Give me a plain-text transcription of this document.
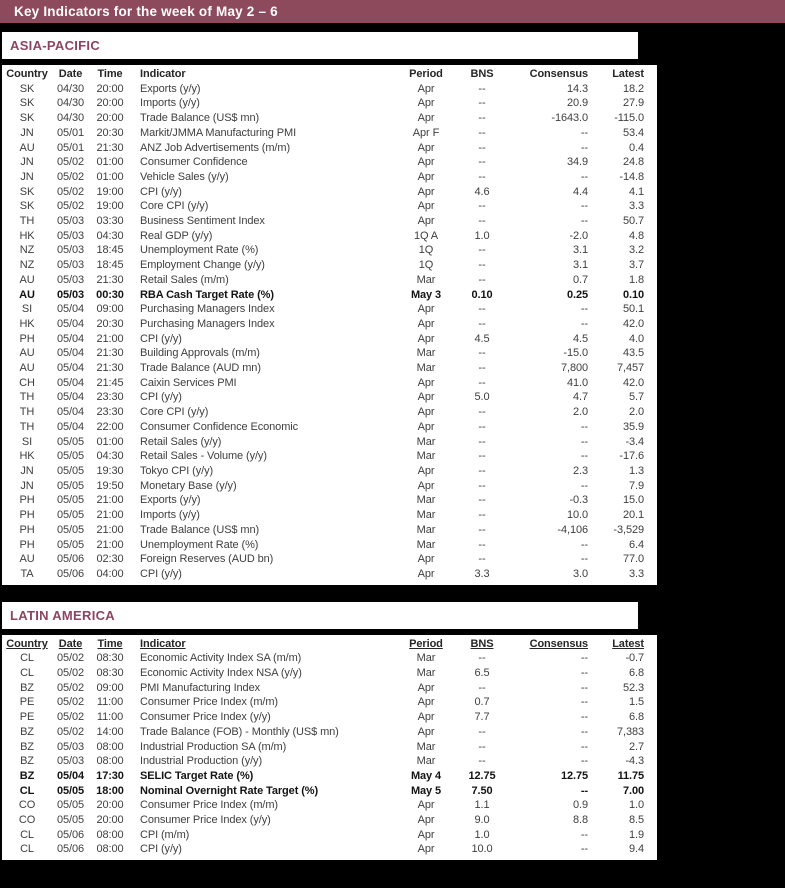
Key Indicators for the week of May 2 – 6
ASIA-PACIFIC
Country	Date	Time	Indicator	Period	BNS	Consensus	Latest
SK	04/30	20:00	Exports (y/y)	Apr	--	14.3	18.2
SK	04/30	20:00	Imports (y/y)	Apr	--	20.9	27.9
SK	04/30	20:00	Trade Balance (US$ mn)	Apr	--	-1643.0	-115.0
JN	05/01	20:30	Markit/JMMA Manufacturing PMI	Apr F	--	--	53.4
AU	05/01	21:30	ANZ Job Advertisements (m/m)	Apr	--	--	0.4
JN	05/02	01:00	Consumer Confidence	Apr	--	34.9	24.8
JN	05/02	01:00	Vehicle Sales (y/y)	Apr	--	--	-14.8
SK	05/02	19:00	CPI (y/y)	Apr	4.6	4.4	4.1
SK	05/02	19:00	Core CPI (y/y)	Apr	--	--	3.3
TH	05/03	03:30	Business Sentiment Index	Apr	--	--	50.7
HK	05/03	04:30	Real GDP (y/y)	1Q A	1.0	-2.0	4.8
NZ	05/03	18:45	Unemployment Rate (%)	1Q	--	3.1	3.2
NZ	05/03	18:45	Employment Change (y/y)	1Q	--	3.1	3.7
AU	05/03	21:30	Retail Sales (m/m)	Mar	--	0.7	1.8
AU	05/03	00:30	RBA Cash Target Rate (%)	May 3	0.10	0.25	0.10
SI	05/04	09:00	Purchasing Managers Index	Apr	--	--	50.1
HK	05/04	20:30	Purchasing Managers Index	Apr	--	--	42.0
PH	05/04	21:00	CPI (y/y)	Apr	4.5	4.5	4.0
AU	05/04	21:30	Building Approvals (m/m)	Mar	--	-15.0	43.5
AU	05/04	21:30	Trade Balance (AUD mn)	Mar	--	7,800	7,457
CH	05/04	21:45	Caixin Services PMI	Apr	--	41.0	42.0
TH	05/04	23:30	CPI (y/y)	Apr	5.0	4.7	5.7
TH	05/04	23:30	Core CPI (y/y)	Apr	--	2.0	2.0
TH	05/04	22:00	Consumer Confidence Economic	Apr	--	--	35.9
SI	05/05	01:00	Retail Sales (y/y)	Mar	--	--	-3.4
HK	05/05	04:30	Retail Sales - Volume (y/y)	Mar	--	--	-17.6
JN	05/05	19:30	Tokyo CPI (y/y)	Apr	--	2.3	1.3
JN	05/05	19:50	Monetary Base (y/y)	Apr	--	--	7.9
PH	05/05	21:00	Exports (y/y)	Mar	--	-0.3	15.0
PH	05/05	21:00	Imports (y/y)	Mar	--	10.0	20.1
PH	05/05	21:00	Trade Balance (US$ mn)	Mar	--	-4,106	-3,529
PH	05/05	21:00	Unemployment Rate (%)	Mar	--	--	6.4
AU	05/06	02:30	Foreign Reserves (AUD bn)	Apr	--	--	77.0
TA	05/06	04:00	CPI (y/y)	Apr	3.3	3.0	3.3
LATIN AMERICA
Country	Date	Time	Indicator	Period	BNS	Consensus	Latest
CL	05/02	08:30	Economic Activity Index SA (m/m)	Mar	--	--	-0.7
CL	05/02	08:30	Economic Activity Index NSA (y/y)	Mar	6.5	--	6.8
BZ	05/02	09:00	PMI Manufacturing Index	Apr	--	--	52.3
PE	05/02	11:00	Consumer Price Index (m/m)	Apr	0.7	--	1.5
PE	05/02	11:00	Consumer Price Index (y/y)	Apr	7.7	--	6.8
BZ	05/02	14:00	Trade Balance (FOB) - Monthly (US$ mn)	Apr	--	--	7,383
BZ	05/03	08:00	Industrial Production SA (m/m)	Mar	--	--	2.7
BZ	05/03	08:00	Industrial Production (y/y)	Mar	--	--	-4.3
BZ	05/04	17:30	SELIC Target Rate (%)	May 4	12.75	12.75	11.75
CL	05/05	18:00	Nominal Overnight Rate Target (%)	May 5	7.50	--	7.00
CO	05/05	20:00	Consumer Price Index (m/m)	Apr	1.1	0.9	1.0
CO	05/05	20:00	Consumer Price Index (y/y)	Apr	9.0	8.8	8.5
CL	05/06	08:00	CPI (m/m)	Apr	1.0	--	1.9
CL	05/06	08:00	CPI (y/y)	Apr	10.0	--	9.4
